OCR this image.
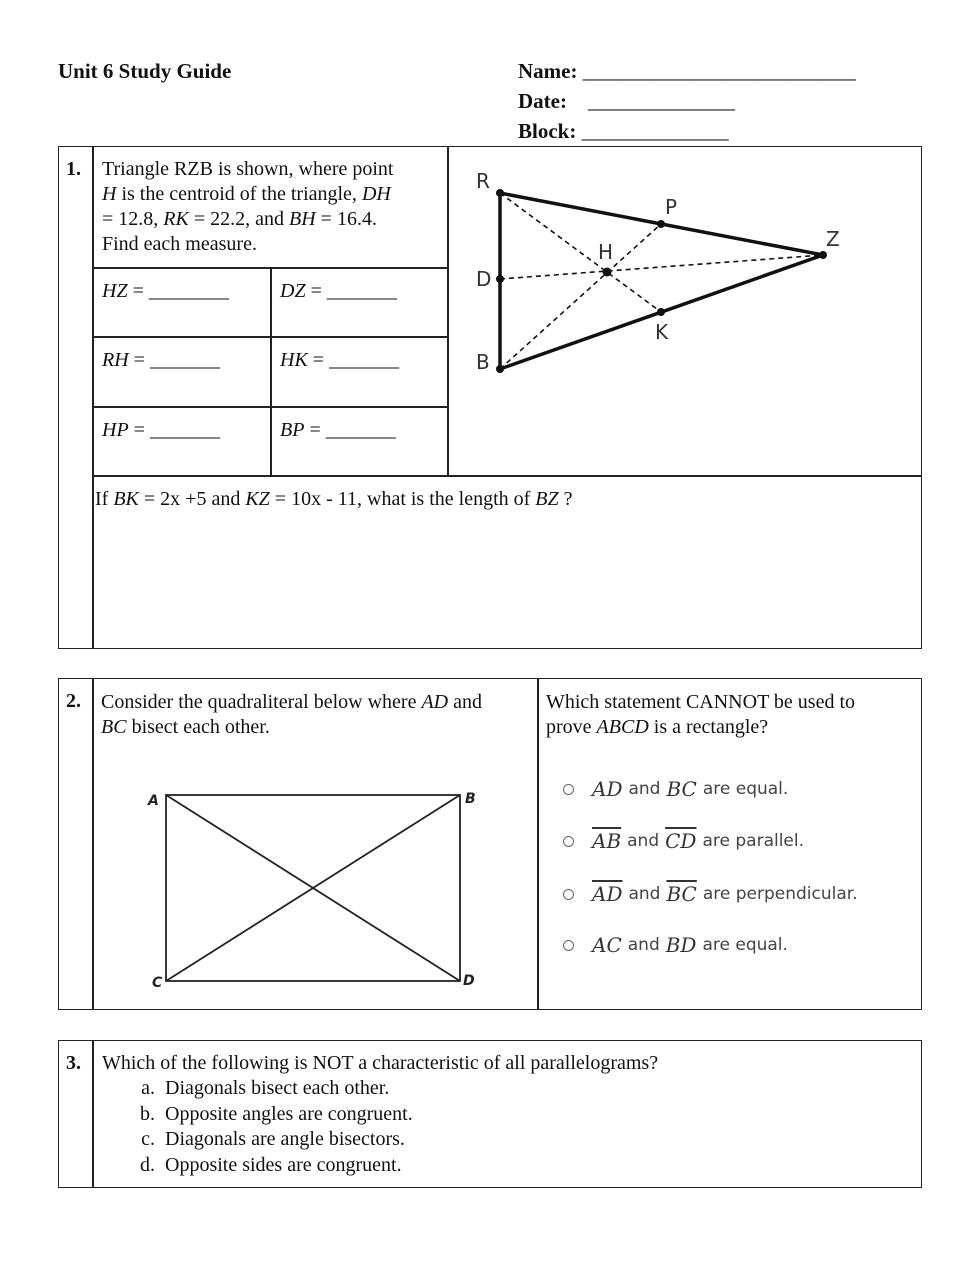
Unit 6 Study Guide	Name: __________________________
Date: ______________
Block: ______________
1. Triangle RZB is shown, where point
H is the centroid of the triangle, DH
= 12.8, RK = 22.2, and BH = 16.4.
Find each measure.
HZ = ________	DZ = _______
RH = _______	HK = _______
HP = _______	BP = _______
R
P
Z
H
D
K
B
If BK = 2x +5 and KZ = 10x - 11, what is the length of BZ ?
2. Consider the quadraliteral below where AD and
BC bisect each other.
A	B
C	D
Which statement CANNOT be used to
prove ABCD is a rectangle?
AD and BC are equal.
$\overline{AB}$ and $\overline{CD}$ are parallel.
$\overline{AD}$ and $\overline{BC}$ are perpendicular.
AC and BD are equal.
3. Which of the following is NOT a characteristic of all parallelograms?
a. Diagonals bisect each other.
b. Opposite angles are congruent.
c. Diagonals are angle bisectors.
d. Opposite sides are congruent.
